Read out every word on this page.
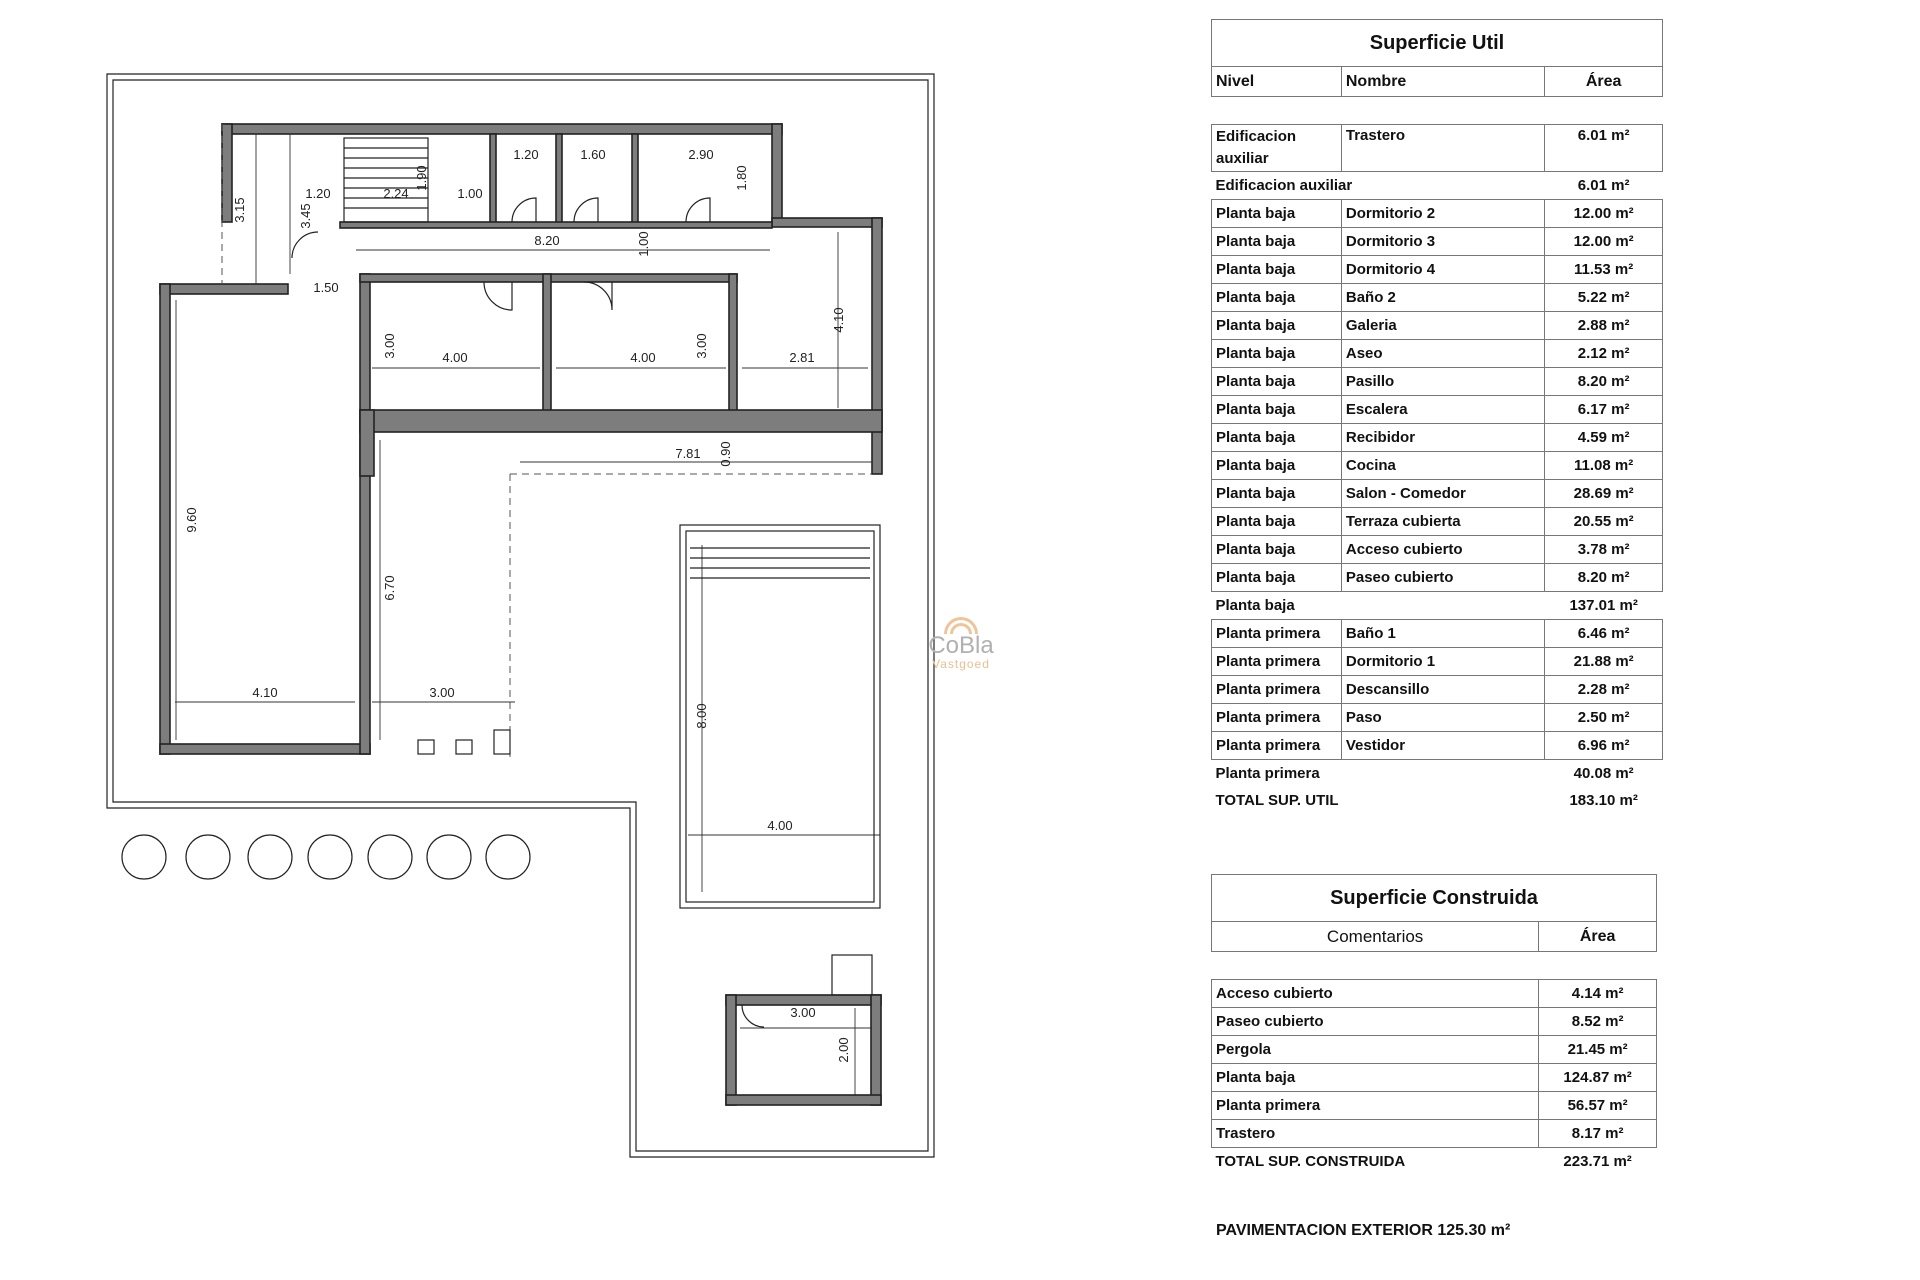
1.20	1.60	2.90
1.20	2.24
1.90
1.00
1.80
3.15	3.45
8.20	1.00
1.50
4.10
3.00	4.00	4.00	3.00	2.81
7.81 0.90
9.60
6.70
4.10	3.00
8.00
4.00
3.00
2.00
CoBla
Vastgoed
Superficie Util		
Nivel	Nombre	Área

Edificacion auxiliar	Trastero	6.01 m²
Edificacion auxiliar		6.01 m²
Planta baja	Dormitorio 2	12.00 m²
Planta baja	Dormitorio 3	12.00 m²
Planta baja	Dormitorio 4	11.53 m²
Planta baja	Baño 2	5.22 m²
Planta baja	Galeria	2.88 m²
Planta baja	Aseo	2.12 m²
Planta baja	Pasillo	8.20 m²
Planta baja	Escalera	6.17 m²
Planta baja	Recibidor	4.59 m²
Planta baja	Cocina	11.08 m²
Planta baja	Salon - Comedor	28.69 m²
Planta baja	Terraza cubierta	20.55 m²
Planta baja	Acceso cubierto	3.78 m²
Planta baja	Paseo cubierto	8.20 m²
Planta baja		137.01 m²
Planta primera	Baño 1	6.46 m²
Planta primera	Dormitorio 1	21.88 m²
Planta primera	Descansillo	2.28 m²
Planta primera	Paso	2.50 m²
Planta primera	Vestidor	6.96 m²
Planta primera		40.08 m²
TOTAL SUP. UTIL		183.10 m²
Superficie Construida	
Comentarios	Área

Acceso cubierto	4.14 m²
Paseo cubierto	8.52 m²
Pergola	21.45 m²
Planta baja	124.87 m²
Planta primera	56.57 m²
Trastero	8.17 m²
TOTAL SUP. CONSTRUIDA	223.71 m²
PAVIMENTACION EXTERIOR 125.30 m²
